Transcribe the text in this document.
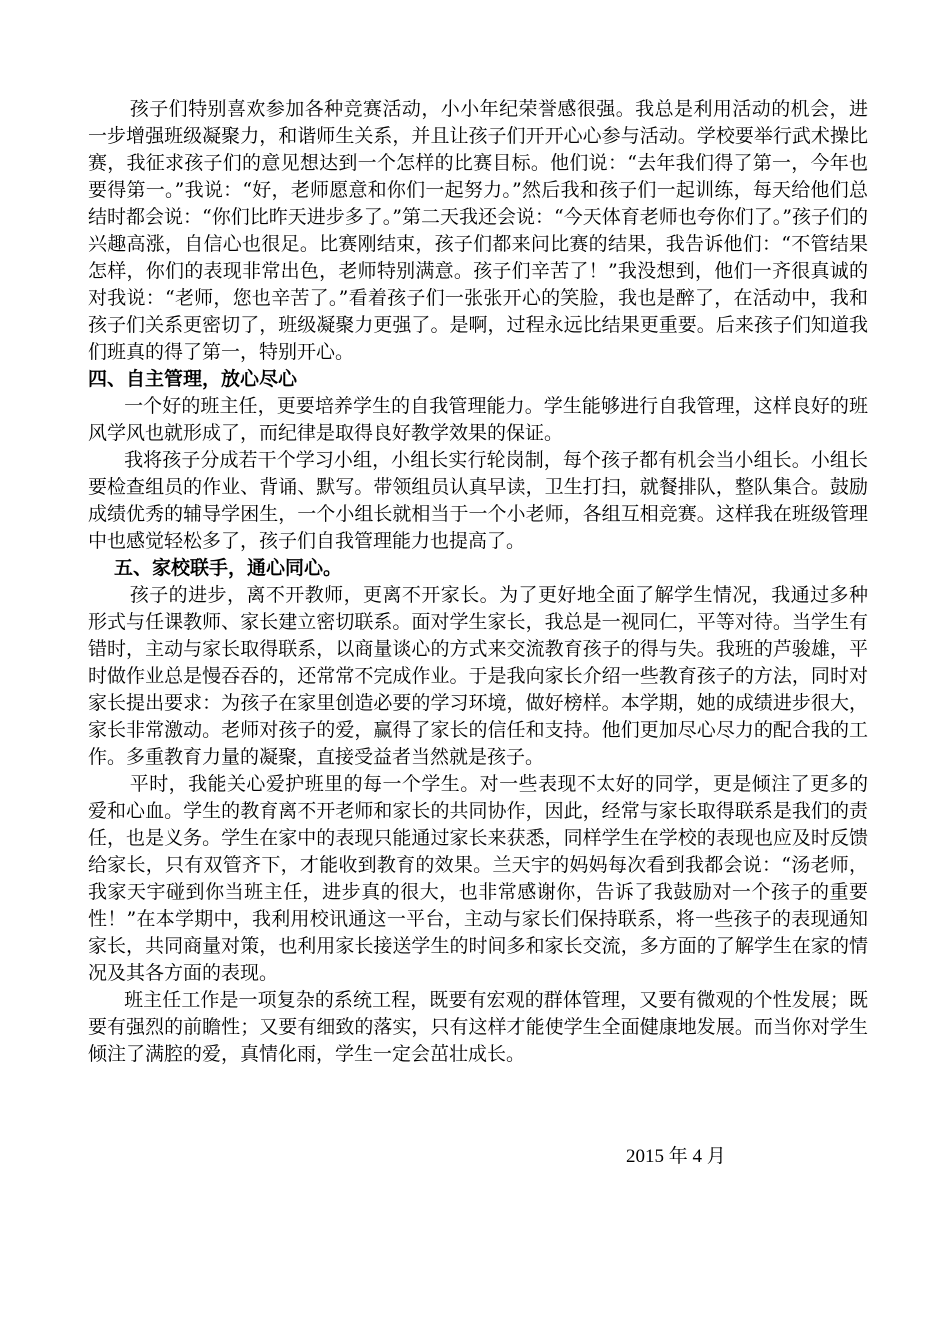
孩子们特别喜欢参加各种竞赛活动，小小年纪荣誉感很强。我总是利用活动的机会，进一步增强班级凝聚力，和谐师生关系，并且让孩子们开开心心参与活动。学校要举行武术操比赛，我征求孩子们的意见想达到一个怎样的比赛目标。他们说：“去年我们得了第一，今年也要得第一。”我说：“好，老师愿意和你们一起努力。”然后我和孩子们一起训练，每天给他们总结时都会说：“你们比昨天进步多了。”第二天我还会说：“今天体育老师也夸你们了。”孩子们的兴趣高涨，自信心也很足。比赛刚结束，孩子们都来问比赛的结果，我告诉他们：“不管结果怎样，你们的表现非常出色，老师特别满意。孩子们辛苦了！”我没想到，他们一齐很真诚的对我说：“老师，您也辛苦了。”看着孩子们一张张开心的笑脸，我也是醉了，在活动中，我和孩子们关系更密切了，班级凝聚力更强了。是啊，过程永远比结果更重要。后来孩子们知道我们班真的得了第一，特别开心。

四、自主管理，放心尽心

一个好的班主任，更要培养学生的自我管理能力。学生能够进行自我管理，这样良好的班风学风也就形成了，而纪律是取得良好教学效果的保证。

我将孩子分成若干个学习小组，小组长实行轮岗制，每个孩子都有机会当小组长。小组长要检查组员的作业、背诵、默写。带领组员认真早读，卫生打扫，就餐排队，整队集合。鼓励成绩优秀的辅导学困生，一个小组长就相当于一个小老师，各组互相竞赛。这样我在班级管理中也感觉轻松多了，孩子们自我管理能力也提高了。

五、家校联手，通心同心。

孩子的进步，离不开教师，更离不开家长。为了更好地全面了解学生情况，我通过多种形式与任课教师、家长建立密切联系。面对学生家长，我总是一视同仁，平等对待。当学生有错时，主动与家长取得联系，以商量谈心的方式来交流教育孩子的得与失。我班的芦骏雄，平时做作业总是慢吞吞的，还常常不完成作业。于是我向家长介绍一些教育孩子的方法，同时对家长提出要求：为孩子在家里创造必要的学习环境，做好榜样。本学期，她的成绩进步很大，家长非常激动。老师对孩子的爱，赢得了家长的信任和支持。他们更加尽心尽力的配合我的工作。多重教育力量的凝聚，直接受益者当然就是孩子。

平时，我能关心爱护班里的每一个学生。对一些表现不太好的同学，更是倾注了更多的爱和心血。学生的教育离不开老师和家长的共同协作，因此，经常与家长取得联系是我们的责任，也是义务。学生在家中的表现只能通过家长来获悉，同样学生在学校的表现也应及时反馈给家长，只有双管齐下，才能收到教育的效果。兰天宇的妈妈每次看到我都会说：“汤老师，我家天宇碰到你当班主任，进步真的很大，也非常感谢你，告诉了我鼓励对一个孩子的重要性！”在本学期中，我利用校讯通这一平台，主动与家长们保持联系，将一些孩子的表现通知家长，共同商量对策，也利用家长接送学生的时间多和家长交流，多方面的了解学生在家的情况及其各方面的表现。

班主任工作是一项复杂的系统工程，既要有宏观的群体管理，又要有微观的个性发展；既要有强烈的前瞻性；又要有细致的落实，只有这样才能使学生全面健康地发展。而当你对学生倾注了满腔的爱，真情化雨，学生一定会茁壮成长。

2015 年 4 月
